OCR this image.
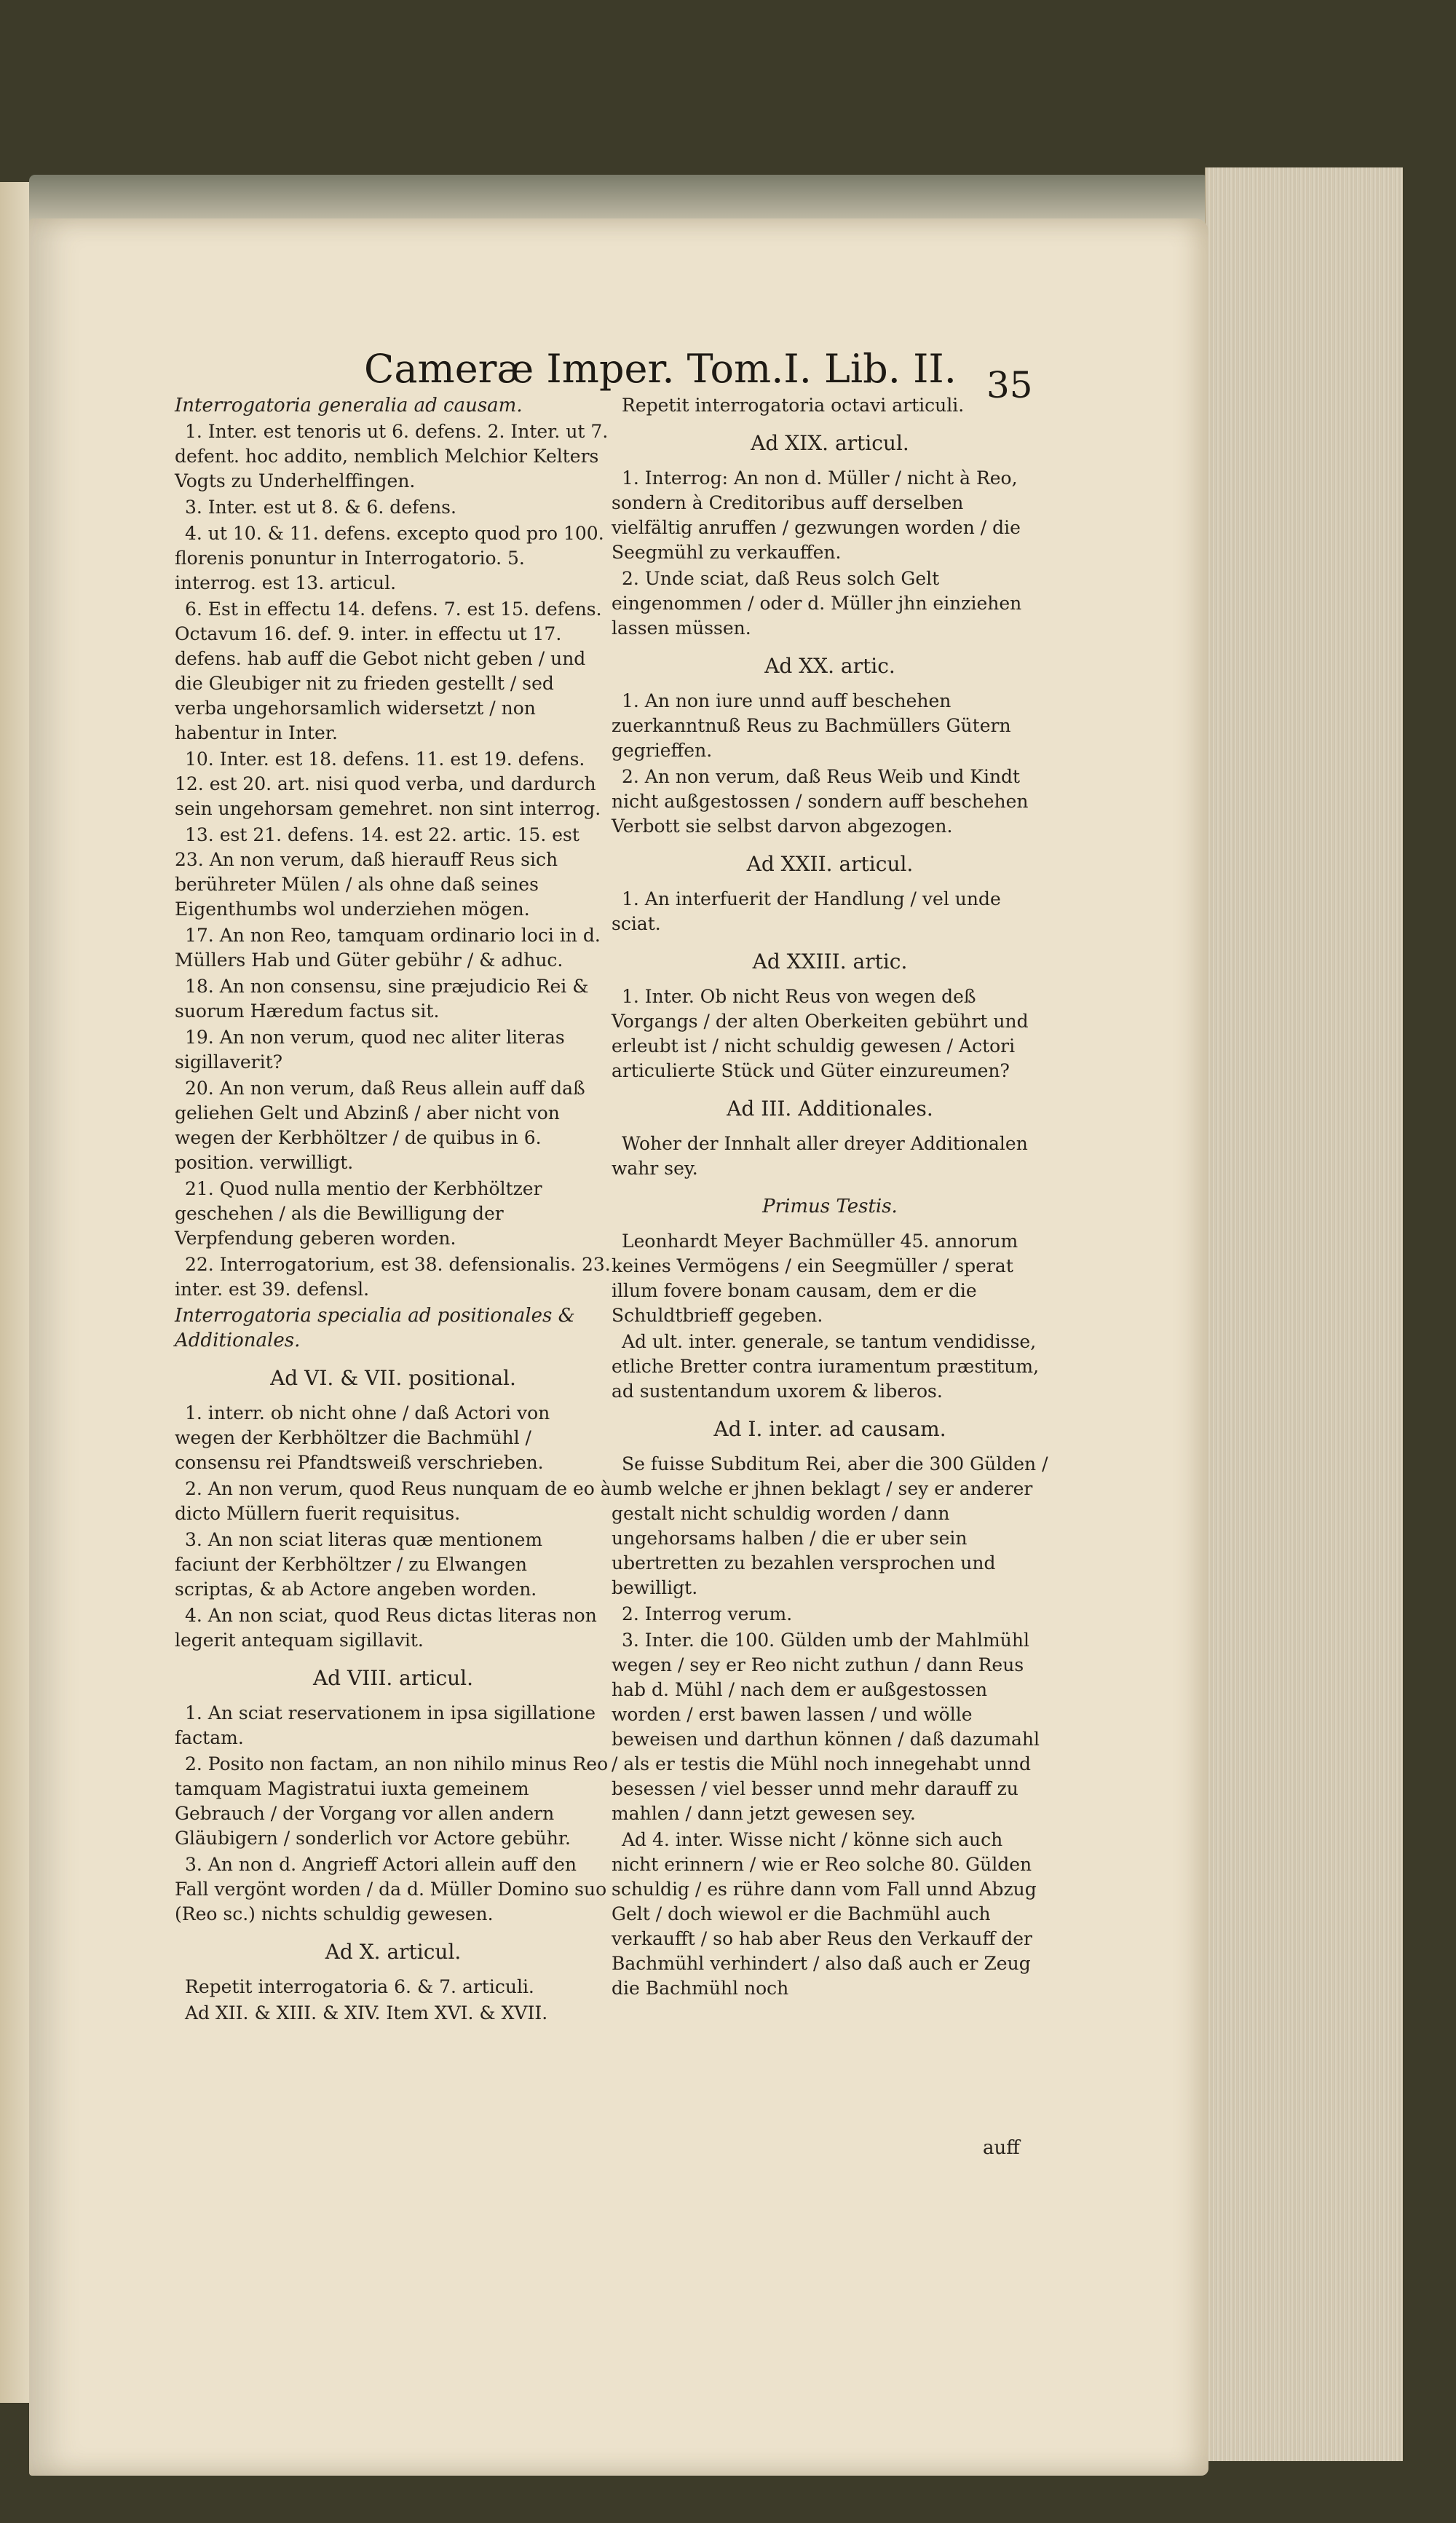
Cameræ Imper. Tom.I. Lib. II. 35

Interrogatoria generalia ad causam.

1. Inter. est tenoris ut 6. defens. 2. Inter. ut 7. defent. hoc addito, nemblich Melchior Kelters Vogts zu Underhelffingen.

3. Inter. est ut 8. & 6. defens.

4. ut 10. & 11. defens. excepto quod pro 100. florenis ponuntur in Interrogatorio. 5. interrog. est 13. articul.

6. Est in effectu 14. defens. 7. est 15. defens. Octavum 16. def. 9. inter. in effectu ut 17. defens. hab auff die Gebot nicht geben / und die Gleubiger nit zu frieden gestellt / sed verba ungehorsamlich widersetzt / non habentur in Inter.

10. Inter. est 18. defens. 11. est 19. defens. 12. est 20. art. nisi quod verba, und dardurch sein ungehorsam gemehret. non sint interrog.

13. est 21. defens. 14. est 22. artic. 15. est 23. An non verum, daß hierauff Reus sich berühreter Mülen / als ohne daß seines Eigenthumbs wol underziehen mögen.

17. An non Reo, tamquam ordinario loci in d. Müllers Hab und Güter gebühr / & adhuc.

18. An non consensu, sine præjudicio Rei & suorum Hæredum factus sit.

19. An non verum, quod nec aliter literas sigillaverit?

20. An non verum, daß Reus allein auff daß geliehen Gelt und Abzinß / aber nicht von wegen der Kerbhöltzer / de quibus in 6. position. verwilligt.

21. Quod nulla mentio der Kerbhöltzer geschehen / als die Bewilligung der Verpfendung geberen worden.

22. Interrogatorium, est 38. defensionalis. 23. inter. est 39. defensl.

Interrogatoria specialia ad positionales & Additionales.

Ad VI. & VII. positional.

1. interr. ob nicht ohne / daß Actori von wegen der Kerbhöltzer die Bachmühl / consensu rei Pfandtsweiß verschrieben.

2. An non verum, quod Reus nunquam de eo à dicto Müllern fuerit requisitus.

3. An non sciat literas quæ mentionem faciunt der Kerbhöltzer / zu Elwangen scriptas, & ab Actore angeben worden.

4. An non sciat, quod Reus dictas literas non legerit antequam sigillavit.

Ad VIII. articul.

1. An sciat reservationem in ipsa sigillatione factam.

2. Posito non factam, an non nihilo minus Reo tamquam Magistratui iuxta gemeinem Gebrauch / der Vorgang vor allen andern Gläubigern / sonderlich vor Actore gebühr.

3. An non d. Angrieff Actori allein auff den Fall vergönt worden / da d. Müller Domino suo (Reo sc.) nichts schuldig gewesen.

Ad X. articul.

Repetit interrogatoria 6. & 7. articuli.

Ad XII. & XIII. & XIV. Item XVI. & XVII.

Repetit interrogatoria octavi articuli.

Ad XIX. articul.

1. Interrog: An non d. Müller / nicht à Reo, sondern à Creditoribus auff derselben vielfältig anruffen / gezwungen worden / die Seegmühl zu verkauffen.

2. Unde sciat, daß Reus solch Gelt eingenommen / oder d. Müller jhn einziehen lassen müssen.

Ad XX. artic.

1. An non iure unnd auff beschehen zuerkanntnuß Reus zu Bachmüllers Gütern gegrieffen.

2. An non verum, daß Reus Weib und Kindt nicht außgestossen / sondern auff beschehen Verbott sie selbst darvon abgezogen.

Ad XXII. articul.

1. An interfuerit der Handlung / vel unde sciat.

Ad XXIII. artic.

1. Inter. Ob nicht Reus von wegen deß Vorgangs / der alten Oberkeiten gebührt und erleubt ist / nicht schuldig gewesen / Actori articulierte Stück und Güter einzureumen?

Ad III. Additionales.

Woher der Innhalt aller dreyer Additionalen wahr sey.

Primus Testis.

Leonhardt Meyer Bachmüller 45. annorum keines Vermögens / ein Seegmüller / sperat illum fovere bonam causam, dem er die Schuldtbrieff gegeben.

Ad ult. inter. generale, se tantum vendidisse, etliche Bretter contra iuramentum præstitum, ad sustentandum uxorem & liberos.

Ad I. inter. ad causam.

Se fuisse Subditum Rei, aber die 300 Gülden / umb welche er jhnen beklagt / sey er anderer gestalt nicht schuldig worden / dann ungehorsams halben / die er uber sein ubertretten zu bezahlen versprochen und bewilligt.

2. Interrog verum.

3. Inter. die 100. Gülden umb der Mahlmühl wegen / sey er Reo nicht zuthun / dann Reus hab d. Mühl / nach dem er außgestossen worden / erst bawen lassen / und wölle beweisen und darthun können / daß dazumahl / als er testis die Mühl noch innegehabt unnd besessen / viel besser unnd mehr darauff zu mahlen / dann jetzt gewesen sey.

Ad 4. inter. Wisse nicht / könne sich auch nicht erinnern / wie er Reo solche 80. Gülden schuldig / es rühre dann vom Fall unnd Abzug Gelt / doch wiewol er die Bachmühl auch verkaufft / so hab aber Reus den Verkauff der Bachmühl verhindert / also daß auch er Zeug die Bachmühl noch

auff
